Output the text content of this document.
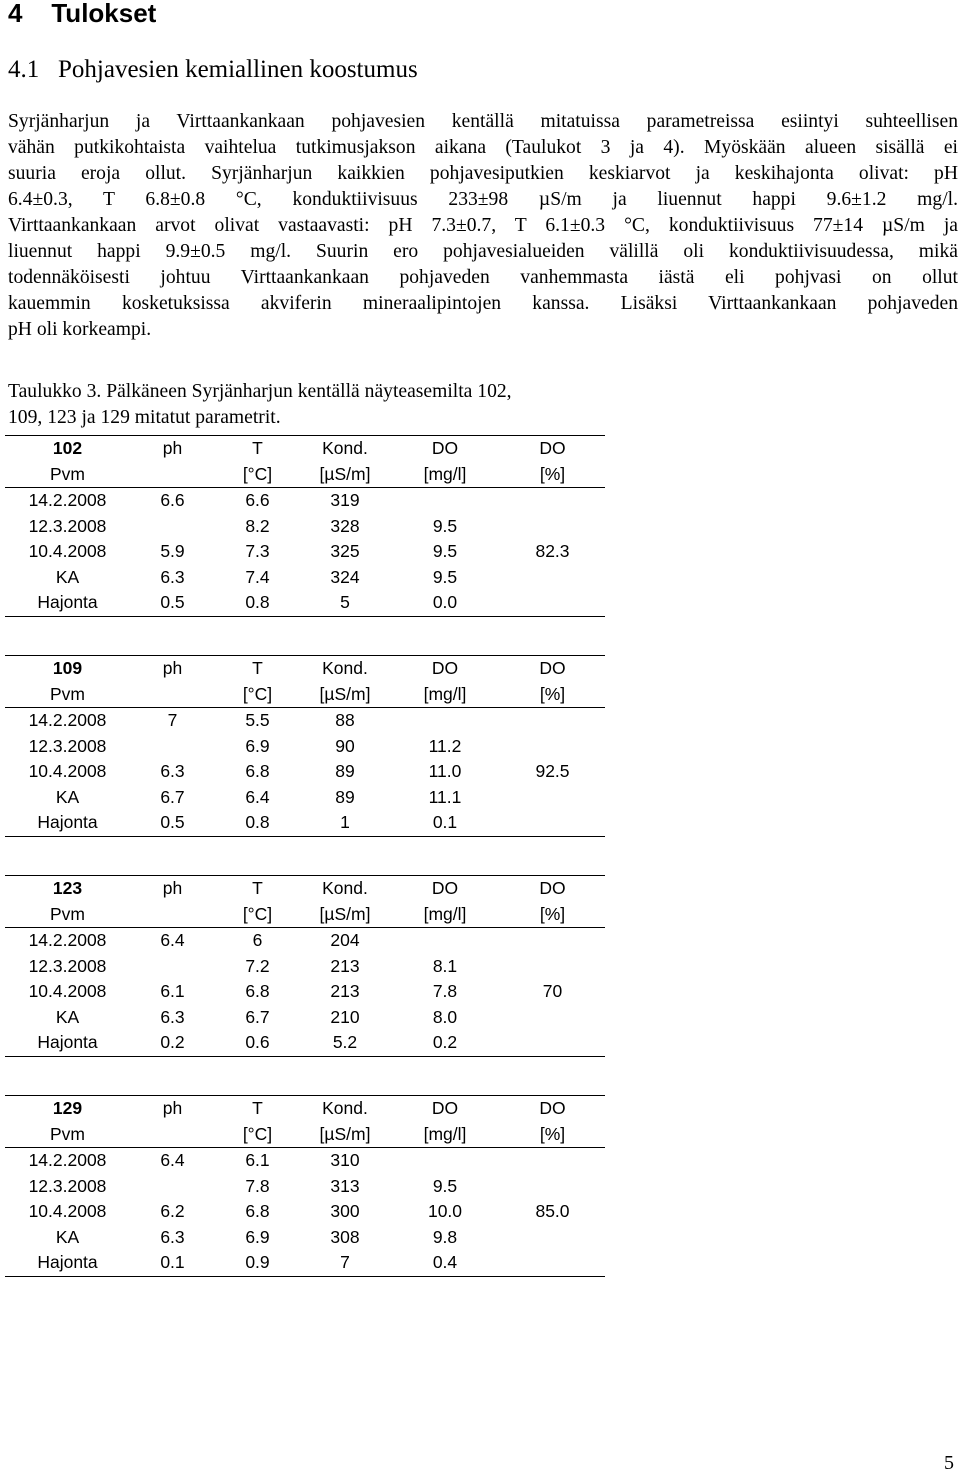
4    Tulokset
4.1   Pohjavesien kemiallinen koostumus
Syrjänharjun ja Virttaankankaan pohjavesien kentällä mitatuissa parametreissa esiintyi suhteellisen
vähän putkikohtaista vaihtelua tutkimusjakson aikana (Taulukot 3 ja 4). Myöskään alueen sisällä ei
suuria eroja ollut. Syrjänharjun kaikkien pohjavesiputkien keskiarvot ja keskihajonta olivat: pH
6.4±0.3, T 6.8±0.8 °C, konduktiivisuus 233±98 µS/m ja liuennut happi 9.6±1.2 mg/l.
Virttaankankaan arvot olivat vastaavasti: pH 7.3±0.7, T 6.1±0.3 °C, konduktiivisuus 77±14 µS/m ja
liuennut happi 9.9±0.5 mg/l. Suurin ero pohjavesialueiden välillä oli konduktiivisuudessa, mikä
todennäköisesti johtuu Virttaankankaan pohjaveden vanhemmasta iästä eli pohjvasi on ollut
kauemmin kosketuksissa akviferin mineraalipintojen kanssa. Lisäksi Virttaankankaan pohjaveden
pH oli korkeampi.
Taulukko 3. Pälkäneen Syrjänharjun kentällä näyteasemilta 102,
109, 123 ja 129 mitatut parametrit.
102	ph	T	Kond.	DO	DO
Pvm		[°C]	[µS/m]	[mg/l]	[%]
14.2.2008	6.6	6.6	319		
12.3.2008		8.2	328	9.5	
10.4.2008	5.9	7.3	325	9.5	82.3
KA	6.3	7.4	324	9.5	
Hajonta	0.5	0.8	5	0.0	
109	ph	T	Kond.	DO	DO
Pvm		[°C]	[µS/m]	[mg/l]	[%]
14.2.2008	7	5.5	88		
12.3.2008		6.9	90	11.2	
10.4.2008	6.3	6.8	89	11.0	92.5
KA	6.7	6.4	89	11.1	
Hajonta	0.5	0.8	1	0.1	
123	ph	T	Kond.	DO	DO
Pvm		[°C]	[µS/m]	[mg/l]	[%]
14.2.2008	6.4	6	204		
12.3.2008		7.2	213	8.1	
10.4.2008	6.1	6.8	213	7.8	70
KA	6.3	6.7	210	8.0	
Hajonta	0.2	0.6	5.2	0.2	
129	ph	T	Kond.	DO	DO
Pvm		[°C]	[µS/m]	[mg/l]	[%]
14.2.2008	6.4	6.1	310		
12.3.2008		7.8	313	9.5	
10.4.2008	6.2	6.8	300	10.0	85.0
KA	6.3	6.9	308	9.8	
Hajonta	0.1	0.9	7	0.4	
5
